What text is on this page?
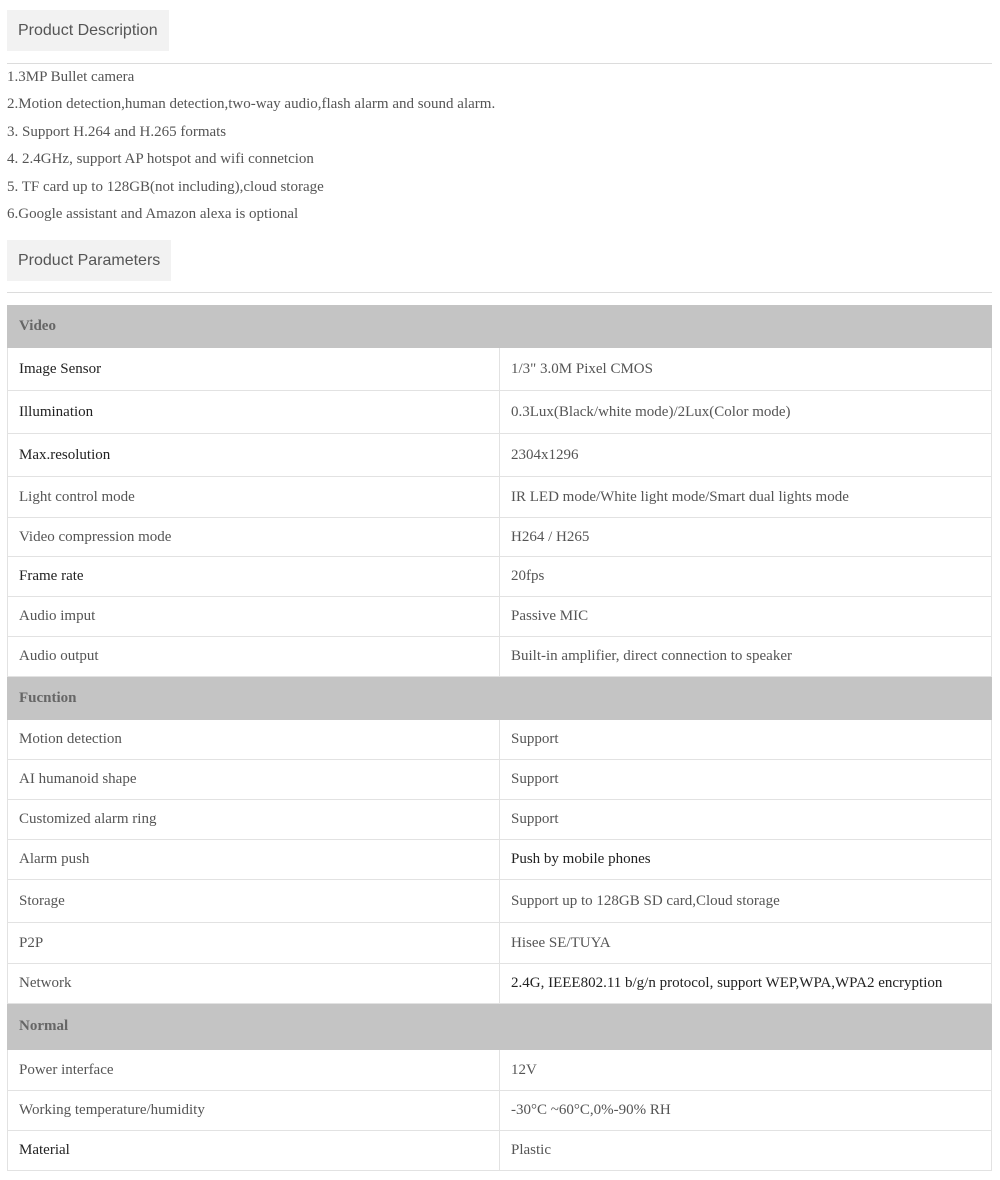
Product Description
1.3MP Bullet camera
2.Motion detection,human detection,two-way audio,flash alarm and sound alarm.
3. Support H.264 and H.265 formats
4. 2.4GHz, support AP hotspot and wifi connetcion
5. TF card up to 128GB(not including),cloud storage
6.Google assistant and Amazon alexa is optional
Product Parameters
Video	
Image Sensor	1/3" 3.0M Pixel CMOS
Illumination	0.3Lux(Black/white mode)/2Lux(Color mode)
Max.resolution	2304x1296
Light control mode	IR LED mode/White light mode/Smart dual lights mode
Video compression mode	H264 / H265
Frame rate	20fps
Audio imput	Passive MIC
Audio output	Built-in amplifier, direct connection to speaker
Fucntion	
Motion detection	Support
AI humanoid shape	Support
Customized alarm ring	Support
Alarm push	Push by mobile phones
Storage	Support up to 128GB SD card,Cloud storage
P2P	Hisee SE/TUYA
Network	2.4G, IEEE802.11 b/g/n protocol, support WEP,WPA,WPA2 encryption
Normal	
Power interface	12V
Working temperature/humidity	-30°C ~60°C,0%-90% RH
Material	Plastic
